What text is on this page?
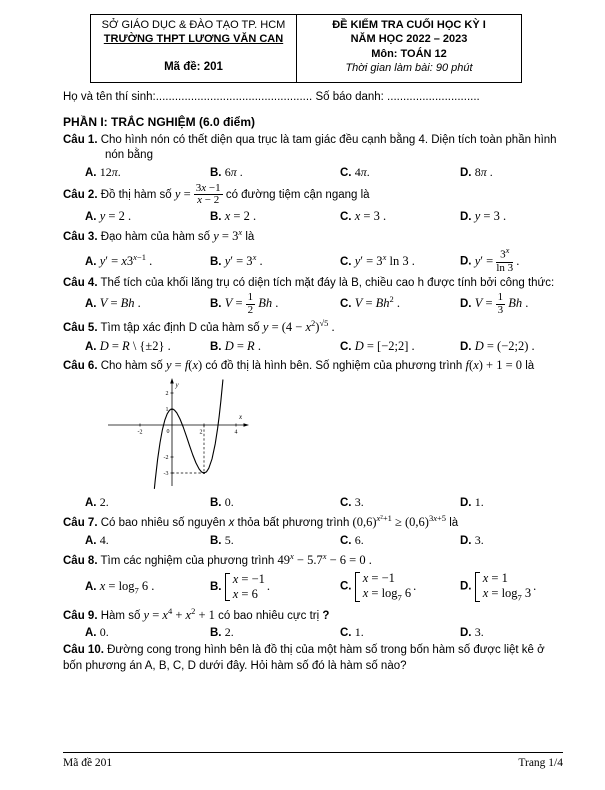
SỞ GIÁO DỤC & ĐÀO TẠO TP. HCM
TRƯỜNG THPT LƯƠNG VĂN CAN
Mã đề: 201
ĐỀ KIỂM TRA CUỐI HỌC KỲ I
NĂM HỌC 2022 – 2023
Môn: TOÁN 12
Thời gian làm bài: 90 phút
Họ và tên thí sinh:................................................. Số báo danh: .............................
PHẦN I: TRẮC NGHIỆM (6.0 điểm)

Câu 1. Cho hình nón có thết diện qua trục là tam giác đều cạnh bằng 4. Diện tích toàn phần hình nón bằng

A. 12π.	B. 6π .	C. 4π.	D. 8π .

Câu 2. Đồ thị hàm số $y = \frac{3x -1}{x - 2}$ có đường tiệm cận ngang là

A. y = 2 .	B. x = 2 .	C. x = 3 .	D. y = 3 .

Câu 3. Đạo hàm của hàm số $y = 3^x$ là

A. $y' = x3^{x-1}$ .	B. $y' = 3^x$ .	C. $y' = 3^x$ ln 3 .	D. $y' = \frac{3^x}{\ln 3}$ .

Câu 4. Thể tích của khối lăng trụ có diện tích mặt đáy là B, chiều cao h được tính bởi công thức:

A. V = Bh .	B. $V = \frac{1}{2}$ Bh .	C. $V = Bh^2$ .	D. $V = \frac{1}{3}$ Bh .

Câu 5. Tìm tập xác định D của hàm số $y = (4 - x^2)^{√5}$ .

A. D = R \ {±2} .	B. D = R .	C. D = [−2;2] .	D. D = (−2;2) .

Câu 6. Cho hàm số y = f(x) có đồ thị là hình bên. Số nghiệm của phương trình f(x) + 1 = 0 là

x
y
0
-2	2	4
2
1
-2
-3
A. 2.	B. 0.	C. 3.	D. 1.

Câu 7. Có bao nhiêu số nguyên x thỏa bất phương trình $(0,6)^{x^2+1} \ge (0,6)^{3x+5}$ là

A. 4.	B. 5.	C. 6.	D. 3.

Câu 8. Tìm các nghiệm của phương trình $49^x - 5.7^x - 6 = 0$ .

A. $x = \log_7 6$ .	B.
x = −1
x = 6
.	C.
x = −1
$x = \log_7 6$
.	D.
x = 1
$x = \log_7 3$
.

Câu 9. Hàm số $y = x^4 + x^2 + 1$ có bao nhiêu cực trị ?

A. 0.	B. 2.	C. 1.	D. 3.

Câu 10. Đường cong trong hình bên là đồ thị của một hàm số trong bốn hàm số được liệt kê ở bốn phương án A, B, C, D dưới đây. Hỏi hàm số đó là hàm số nào?

Mã đề 201	Trang 1/4
